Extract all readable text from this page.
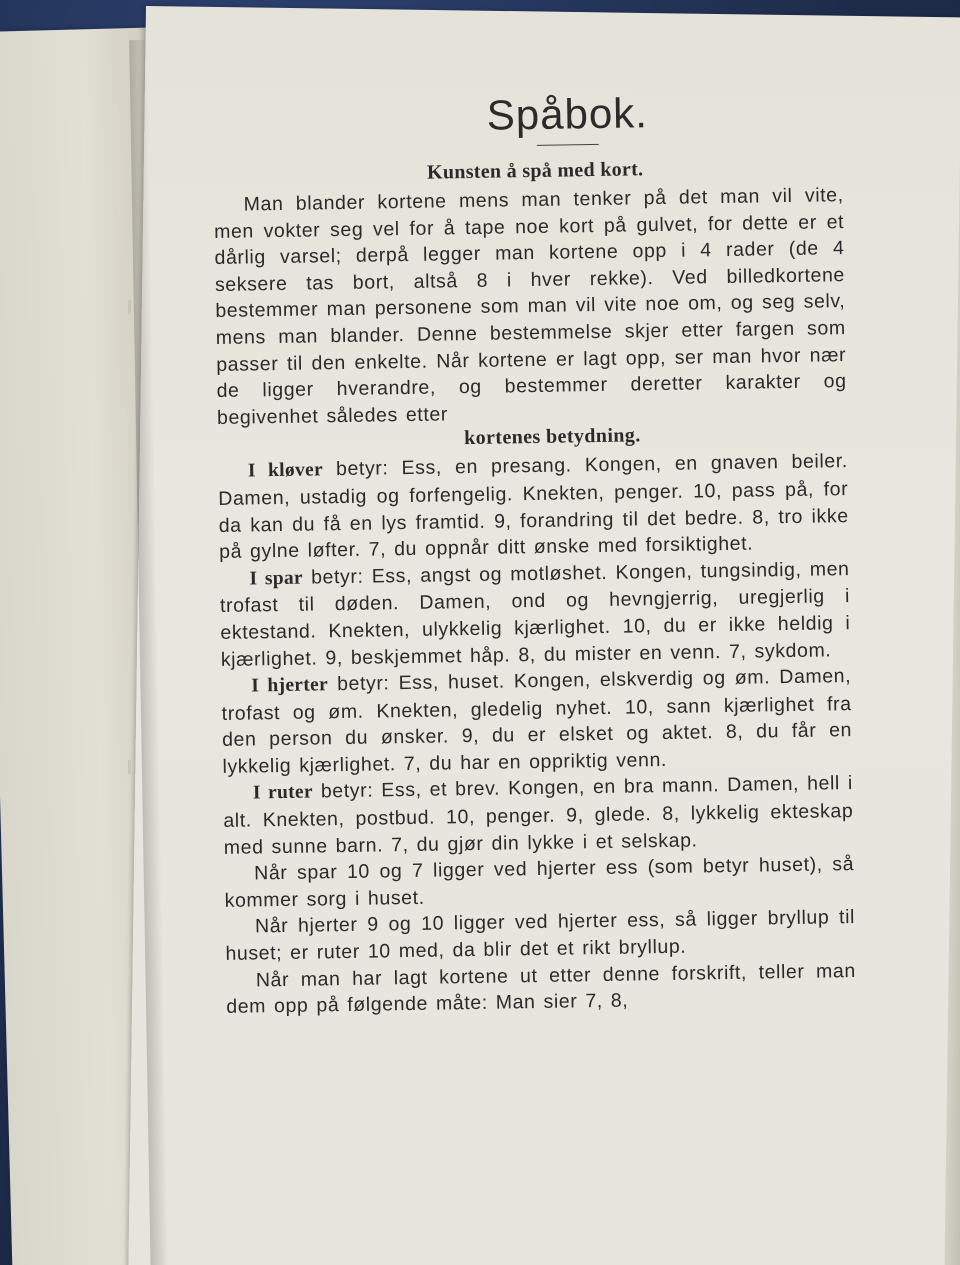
Spåbok.
Kunsten å spå med kort.

Man blander kortene mens man tenker på det man vil vite, men vokter seg vel for å tape noe kort på gulvet, for dette er et dårlig varsel; derpå legger man kortene opp i 4 rader (de 4 seksere tas bort, altså 8 i hver rekke). Ved billedkortene bestemmer man personene som man vil vite noe om, og seg selv, mens man blander. Denne bestemmelse skjer etter fargen som passer til den enkelte. Når kortene er lagt opp, ser man hvor nær de ligger hverandre, og bestemmer deretter karakter og begivenhet således etter

kortenes betydning.

I kløver betyr: Ess, en presang. Kongen, en gnaven beiler. Damen, ustadig og forfengelig. Knekten, penger. 10, pass på, for da kan du få en lys framtid. 9, forandring til det bedre. 8, tro ikke på gylne løfter. 7, du oppnår ditt ønske med forsiktighet.

I spar betyr: Ess, angst og motløshet. Kongen, tungsindig, men trofast til døden. Damen, ond og hevngjerrig, uregjerlig i ektestand. Knekten, ulykkelig kjærlighet. 10, du er ikke heldig i kjærlighet. 9, beskjemmet håp. 8, du mister en venn. 7, sykdom.

I hjerter betyr: Ess, huset. Kongen, elskverdig og øm. Damen, trofast og øm. Knekten, gledelig nyhet. 10, sann kjærlighet fra den person du ønsker. 9, du er elsket og aktet. 8, du får en lykkelig kjærlighet. 7, du har en oppriktig venn.

I ruter betyr: Ess, et brev. Kongen, en bra mann. Damen, hell i alt. Knekten, postbud. 10, penger. 9, glede. 8, lykkelig ekteskap med sunne barn. 7, du gjør din lykke i et selskap.

Når spar 10 og 7 ligger ved hjerter ess (som betyr huset), så kommer sorg i huset.

Når hjerter 9 og 10 ligger ved hjerter ess, så ligger bryllup til huset; er ruter 10 med, da blir det et rikt bryllup.

Når man har lagt kortene ut etter denne forskrift, teller man dem opp på følgende måte: Man sier 7, 8,
